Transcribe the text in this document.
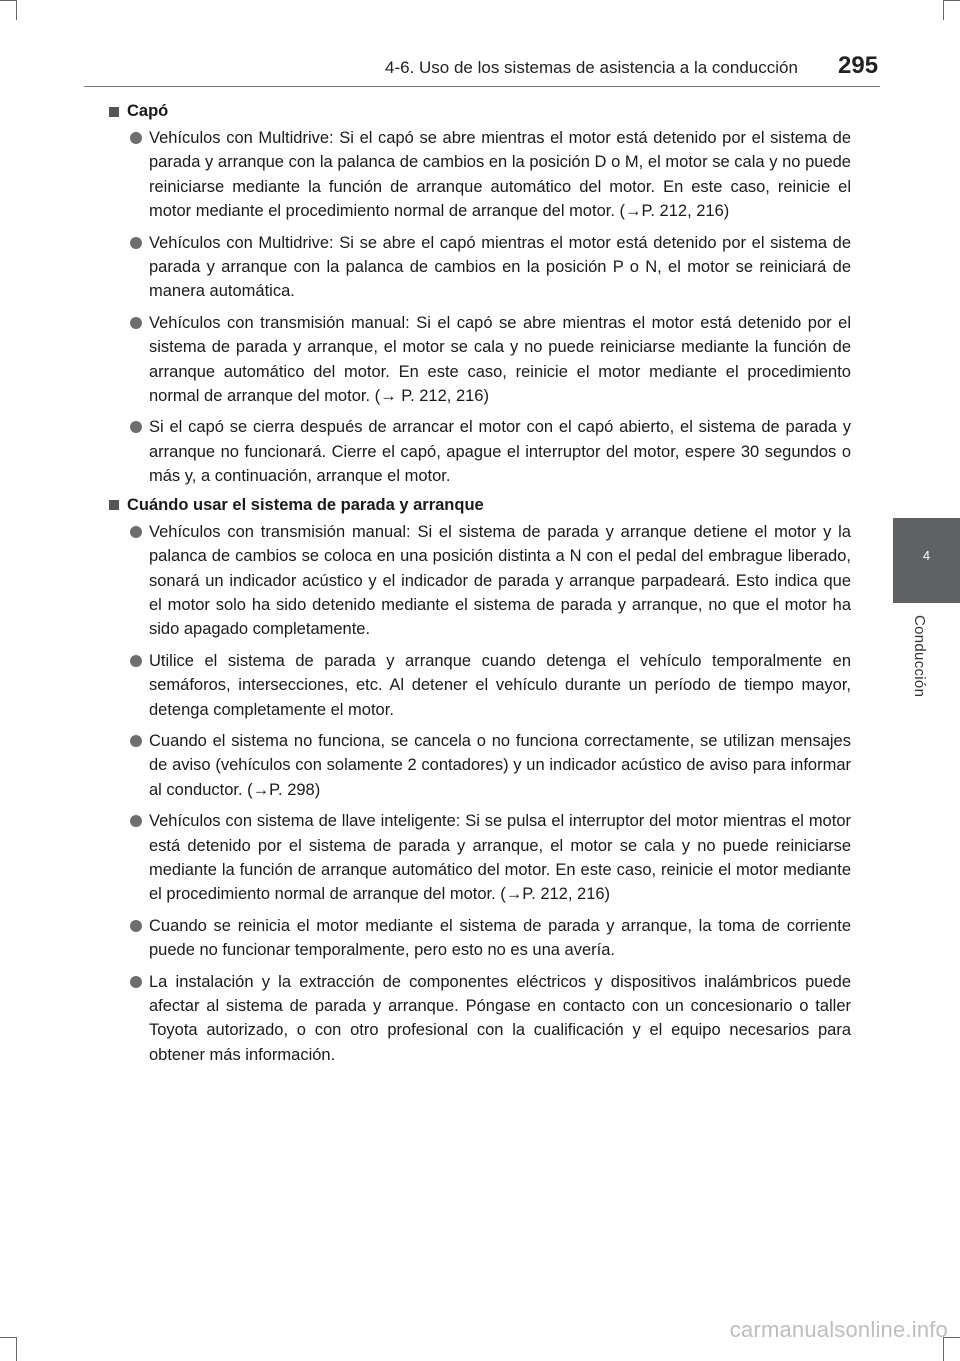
4-6. Uso de los sistemas de asistencia a la conducción 295
4
Conducción
Capó
Vehículos con Multidrive: Si el capó se abre mientras el motor está detenido por el sistema de parada y arranque con la palanca de cambios en la posición D o M, el motor se cala y no puede reiniciarse mediante la función de arranque automático del motor. En este caso, reinicie el motor mediante el procedimiento normal de arranque del motor. (→P. 212, 216)
Vehículos con Multidrive: Si se abre el capó mientras el motor está detenido por el sistema de parada y arranque con la palanca de cambios en la posición P o N, el motor se reiniciará de manera automática.
Vehículos con transmisión manual: Si el capó se abre mientras el motor está detenido por el sistema de parada y arranque, el motor se cala y no puede reiniciarse mediante la función de arranque automático del motor. En este caso, reinicie el motor mediante el procedimiento normal de arranque del motor. (→ P. 212, 216)
Si el capó se cierra después de arrancar el motor con el capó abierto, el sistema de parada y arranque no funcionará. Cierre el capó, apague el interruptor del motor, espere 30 segundos o más y, a continuación, arranque el motor.
Cuándo usar el sistema de parada y arranque
Vehículos con transmisión manual: Si el sistema de parada y arranque detiene el motor y la palanca de cambios se coloca en una posición distinta a N con el pedal del embrague liberado, sonará un indicador acústico y el indicador de parada y arranque parpadeará. Esto indica que el motor solo ha sido detenido mediante el sistema de parada y arranque, no que el motor ha sido apagado completamente.
Utilice el sistema de parada y arranque cuando detenga el vehículo temporalmente en semáforos, intersecciones, etc. Al detener el vehículo durante un período de tiempo mayor, detenga completamente el motor.
Cuando el sistema no funciona, se cancela o no funciona correctamente, se utilizan mensajes de aviso (vehículos con solamente 2 contadores) y un indicador acústico de aviso para informar al conductor. (→P. 298)
Vehículos con sistema de llave inteligente: Si se pulsa el interruptor del motor mientras el motor está detenido por el sistema de parada y arranque, el motor se cala y no puede reiniciarse mediante la función de arranque automático del motor. En este caso, reinicie el motor mediante el procedimiento normal de arranque del motor. (→P. 212, 216)
Cuando se reinicia el motor mediante el sistema de parada y arranque, la toma de corriente puede no funcionar temporalmente, pero esto no es una avería.
La instalación y la extracción de componentes eléctricos y dispositivos inalámbricos puede afectar al sistema de parada y arranque. Póngase en contacto con un concesionario o taller Toyota autorizado, o con otro profesional con la cualificación y el equipo necesarios para obtener más información.
carmanualsonline.info
